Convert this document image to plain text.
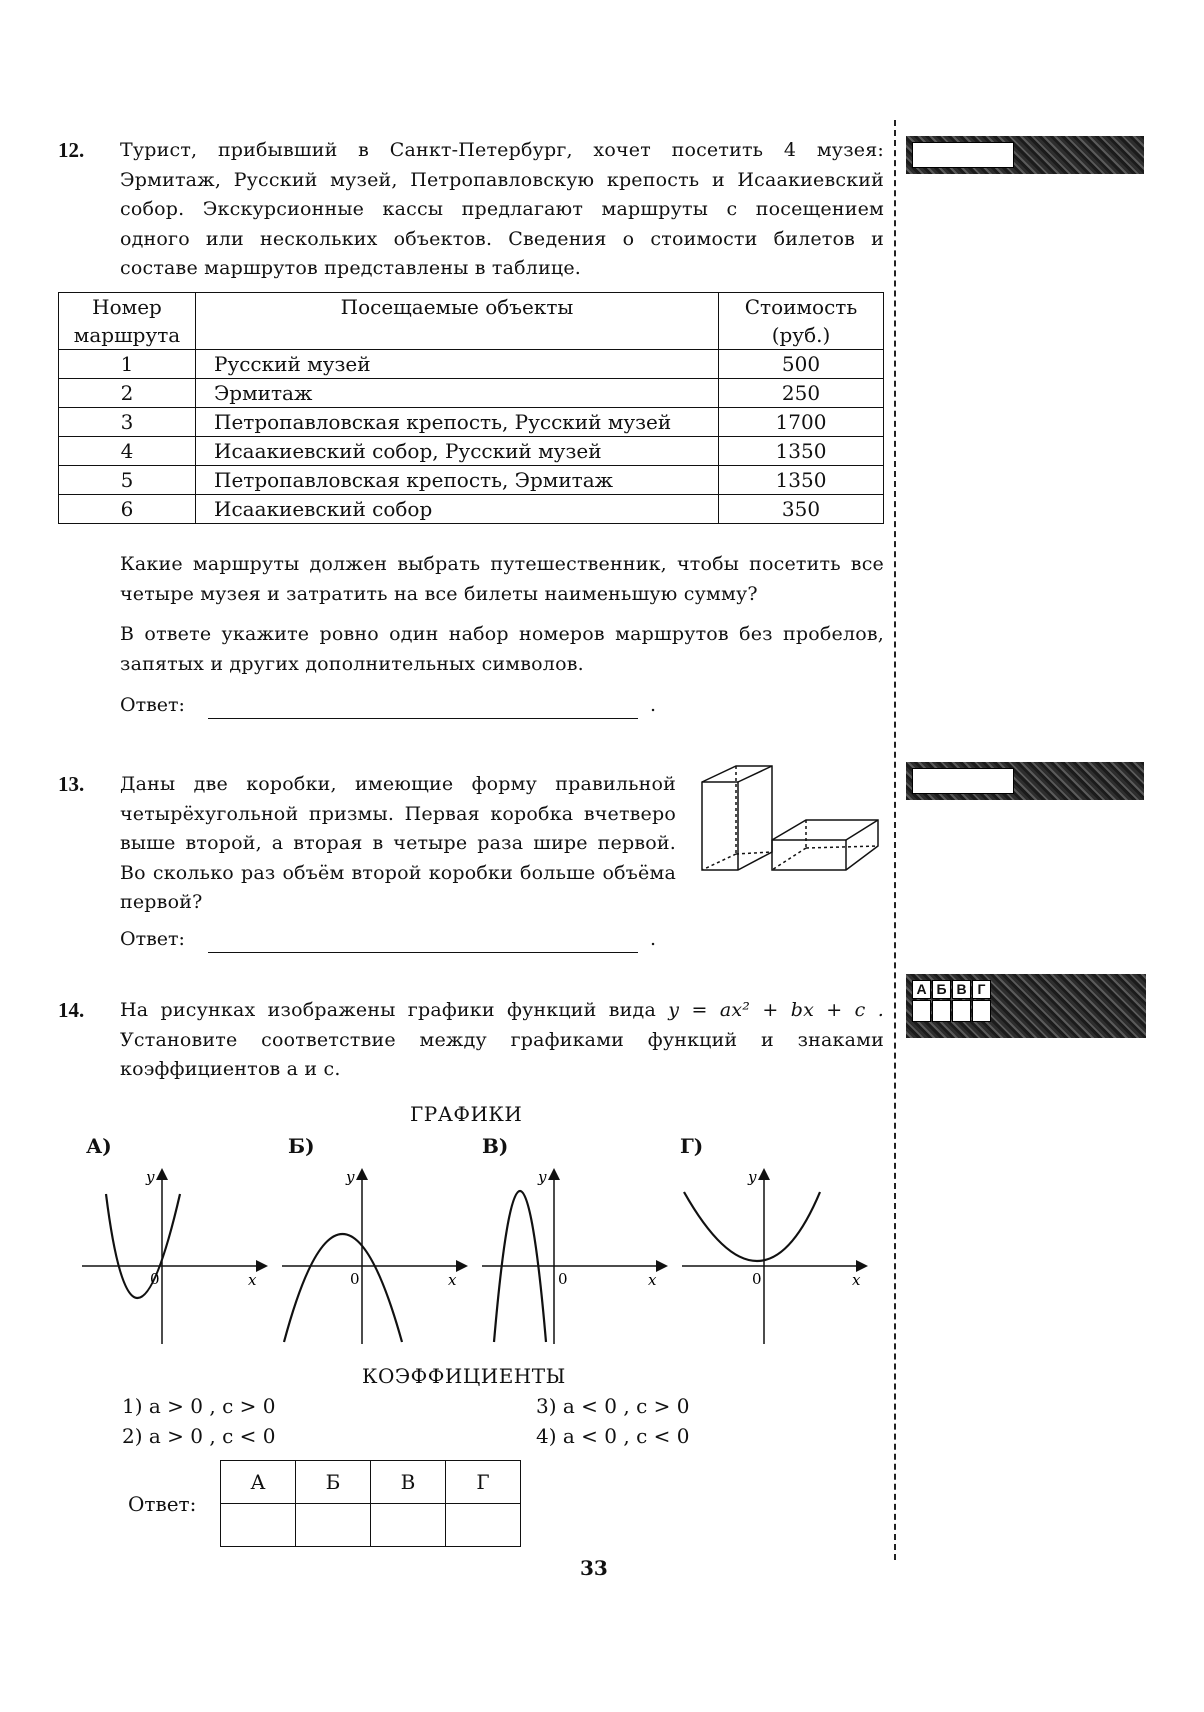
12. Турист, прибывший в Санкт-Петербург, хочет посетить 4 музея: Эрмитаж, Русский музей, Петропавловскую крепость и Исаакиевский собор. Экскурсионные кассы предлагают маршруты с посещением одного или нескольких объектов. Сведения о стоимости билетов и составе маршрутов представлены в таблице.
Номер маршрута	Посещаемые объекты	Стоимость (руб.)
1	Русский музей	500
2	Эрмитаж	250
3	Петропавловская крепость, Русский музей	1700
4	Исаакиевский собор, Русский музей	1350
5	Петропавловская крепость, Эрмитаж	1350
6	Исаакиевский собор	350
Какие маршруты должен выбрать путешественник, чтобы посетить все четыре музея и затратить на все билеты наименьшую сумму?
В ответе укажите ровно один набор номеров маршрутов без пробелов, запятых и других дополнительных символов.
Ответ:	.
13. Даны две коробки, имеющие форму правильной четырёхугольной призмы. Первая коробка вчетверо выше второй, а вторая в четыре раза шире первой. Во сколько раз объём второй коробки больше объёма первой?
Ответ:	.
14. На рисунках изображены графики функций вида y = ax² + bx + c . Установите соответствие между графиками функций и знаками коэффициентов a и c.
А Б В Г
ГРАФИКИ
А)	Б)	В)	Г)
y
x
0
y
x
0
y
x
0
y
x
0
КОЭФФИЦИЕНТЫ
1) a > 0 , c > 0
2) a > 0 , c < 0
3) a < 0 , c > 0
4) a < 0 , c < 0
Ответ:
А	Б	В	Г

33
